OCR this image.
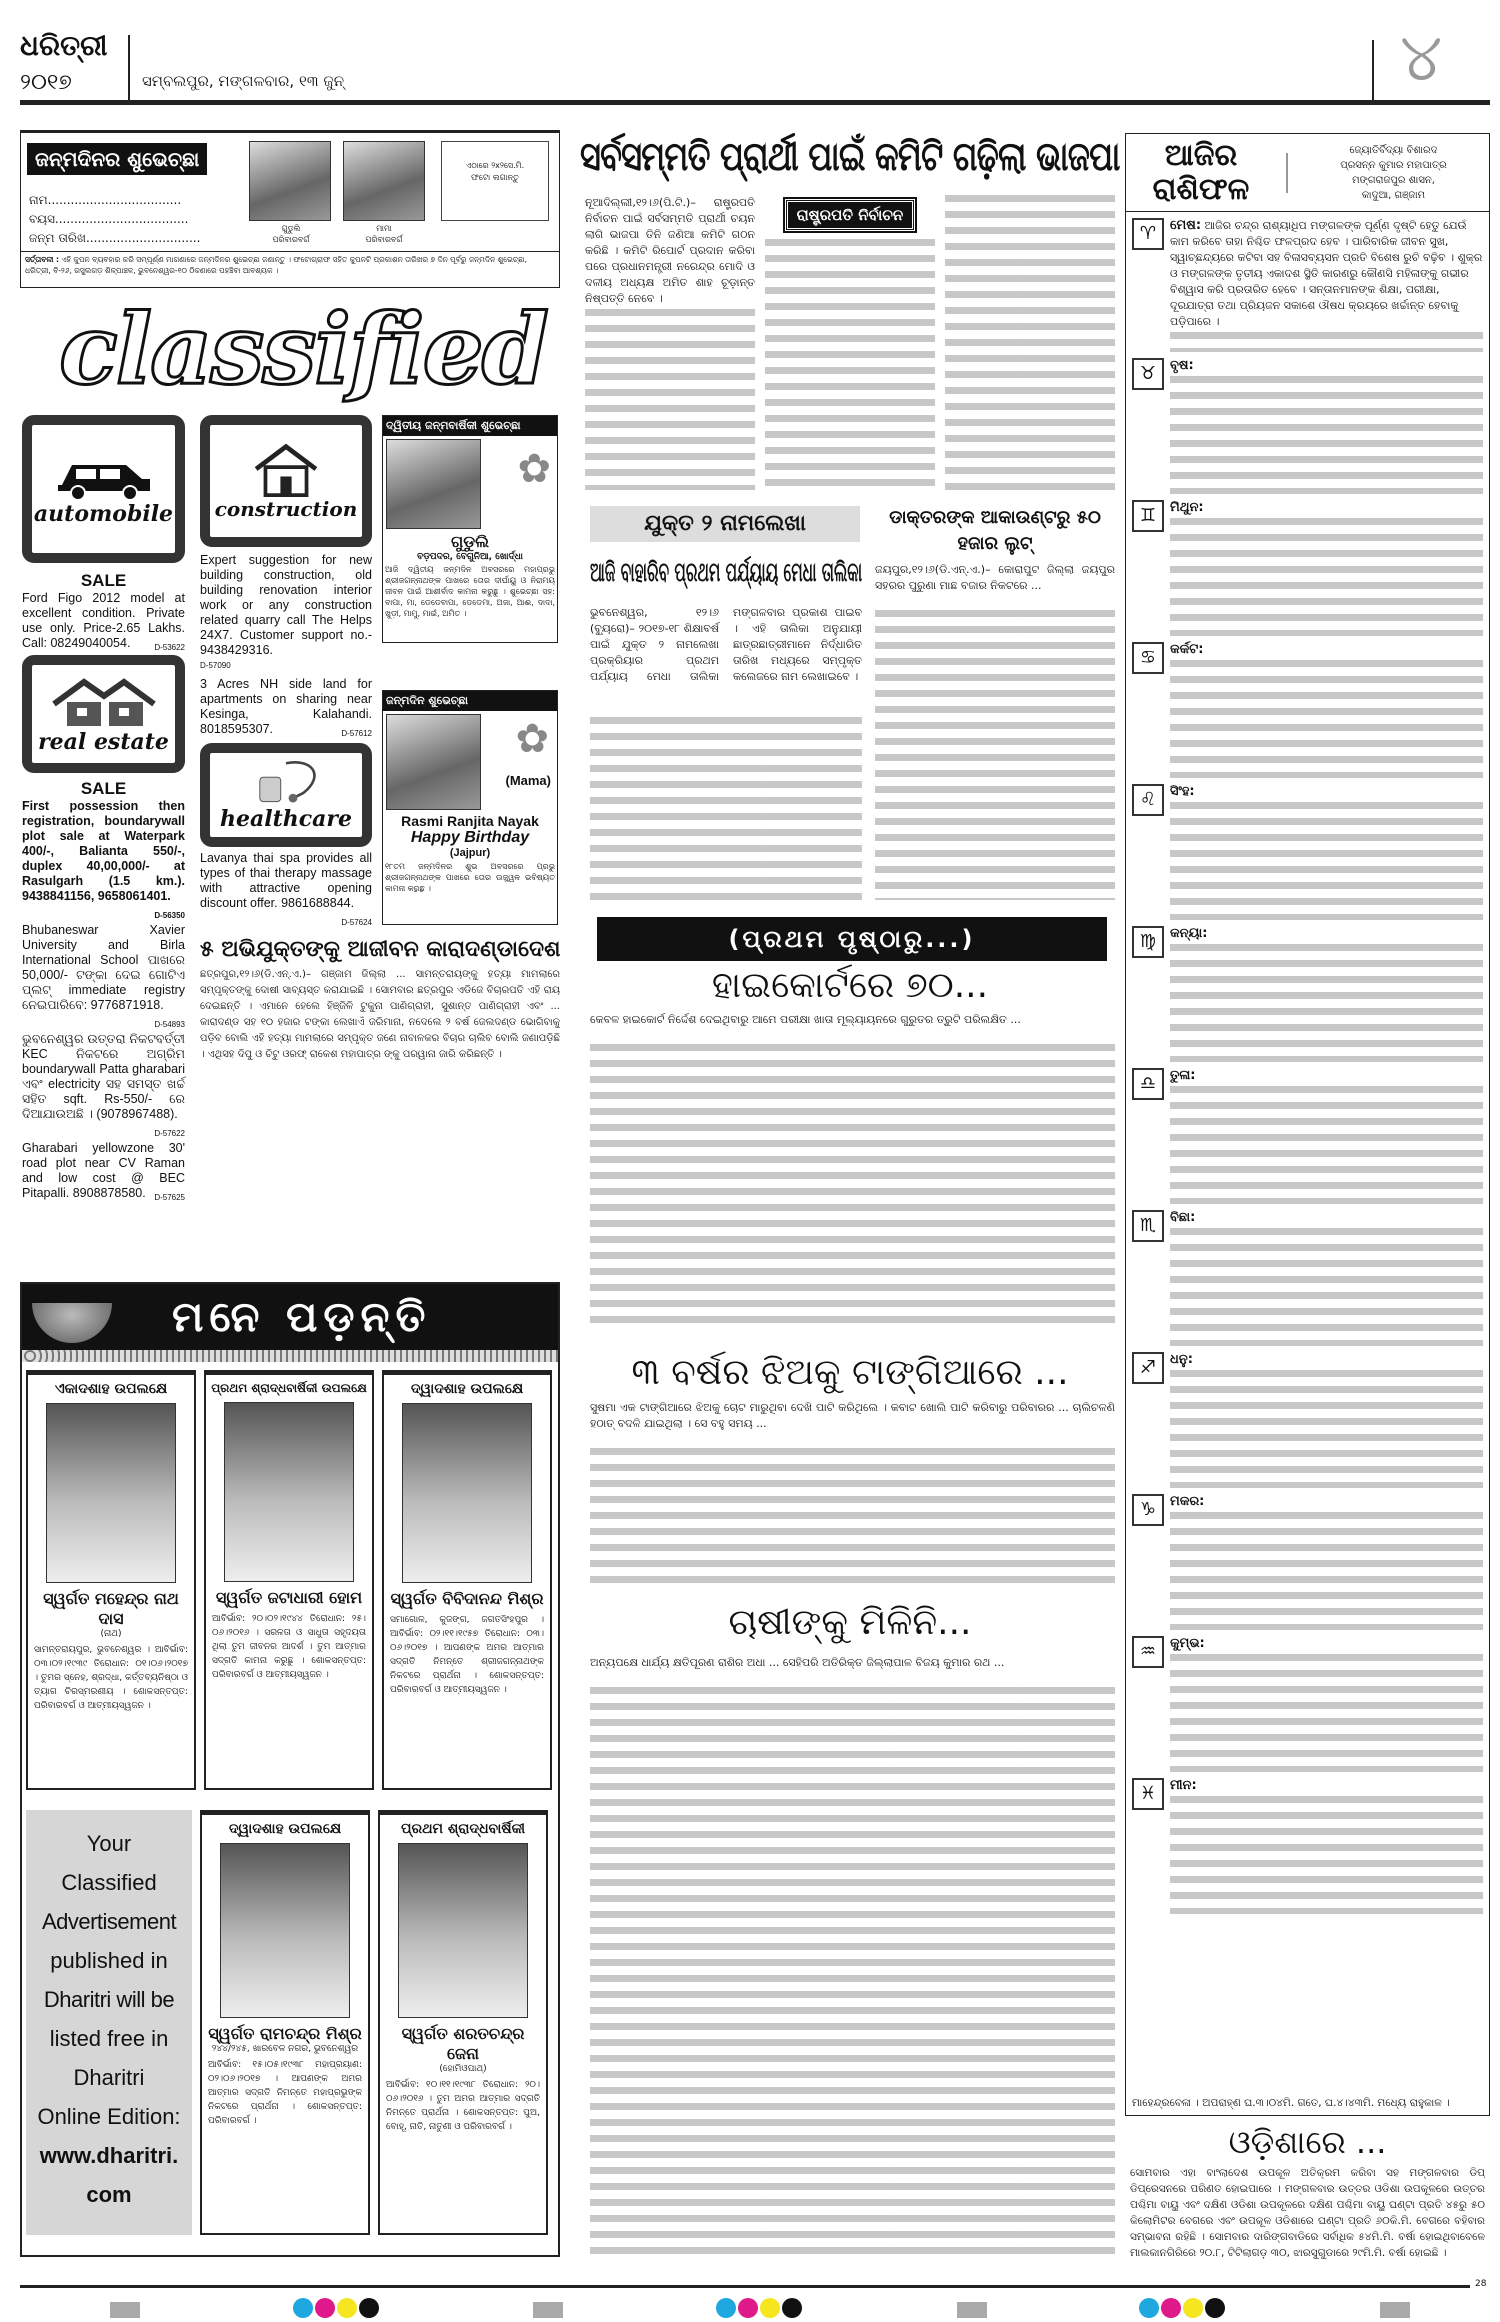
ଧରିତ୍ରୀ
୨୦୧୭	ସମ୍ବଲପୁର, ମଙ୍ଗଳବାର, ୧୩ ଜୁନ୍	୪
ଜନ୍ମଦିନର ଶୁଭେଚ୍ଛା
ନାମ...................................
ବୟସ...................................
ଜନ୍ମ ତାରିଖ..............................
ଗୁଡୁଲି
ପରିବାରବର୍ଗ
ମାମା
ପରିବାରବର୍ଗ
ଏଠାରେ ୨x୨ସେ.ମି. ଫଟୋ ଲଗାନ୍ତୁ
ସର୍ତ୍ତାବଳୀ : ଏହି କୁପନ ବ୍ୟବହାର କରି ସମ୍ପୂର୍ଣ୍ଣ ମାଗଣାରେ ଜନ୍ମଦିନର ଶୁଭେଚ୍ଛା ଜଣାନ୍ତୁ । ଫଟୋଗ୍ରାଫ ସହିତ କୁପନଟି ପ୍ରକାଶନ ତାରିଖର ୭ ଦିନ ପୂର୍ବରୁ ଜନ୍ମଦିନ ଶୁଭେଚ୍ଛା, ଧରିତ୍ରୀ, ବି-୨୬, ରସୁଲଗଡ଼ ଶିଳ୍ପାଞ୍ଚଳ, ଭୁବନେଶ୍ୱର-୧୦ ଠିକଣାରେ ପହଞ୍ଚିବା ଆବଶ୍ୟକ ।
classified
automobile
SALE
Ford Figo 2012 model at excellent condition. Private use only. Price-2.65 Lakhs. Call: 08249040054.	D-53622
real estate
SALE
First possession then registration, boundarywall plot sale at Waterpark 400/-, Balianta 550/-, duplex 40,00,000/- at Rasulgarh (1.5 km.). 9438841156, 9658061401.
D-56350
Bhubaneswar Xavier University and Birla International School ପାଖରେ 50,000/- ଟଙ୍କା ଦେଇ ଗୋଟିଏ ପ୍ଲଟ୍ immediate registry ନେଇପାରିବେ: 9776871918.
D-54893
ଭୁବନେଶ୍ୱର ଉତ୍ତରା ନିକଟବର୍ତ୍ତୀ KEC ନିକଟରେ ଅଗ୍ରିମ boundarywall Patta gharabari ଏବଂ electricity ସହ ସମସ୍ତ ଖର୍ଚ୍ଚ ସହିତ sqft. Rs-550/- ରେ ଦିଆଯାଉଅଛି । (9078967488).
D-57622
Gharabari yellowzone 30' road plot near CV Raman and low cost @ BEC Pitapalli. 8908878580. D-57625
construction
Expert suggestion for new building construction, old building renovation interior work or any construction related quarry call The Helps 24X7. Customer support no.- 9438429316.
D-57090
3 Acres NH side land for apartments on sharing near Kesinga, Kalahandi. 8018595307.	D-57612
healthcare
Lavanya thai spa provides all types of thai therapy massage with attractive opening discount offer. 9861688844.
D-57624
ଦ୍ୱିତୀୟ ଜନ୍ମବାର୍ଷିକୀ ଶୁଭେଚ୍ଛା
✿
ଗୁଡୁଲି
ବଡ଼ପଦର, ବେଗୁନିଆ, ଖୋର୍ଦ୍ଧା
ଆଜି ଦ୍ୱିତୀୟ ଜନ୍ମଦିନ ଅବସରରେ ମହାପ୍ରଭୁ ଶ୍ରୀଜଗନ୍ନାଥଙ୍କ ପାଖରେ ତୋର ଦୀର୍ଘାୟୁ ଓ ନିରାମୟ ଜୀବନ ପାଇଁ ଆଶୀର୍ବାଦ କାମନା କରୁଛୁ । ଶୁଭେଚ୍ଛା ସହ: ବାପା, ମା, ଡେଡେବାପା, ଡେଡେମା, ଅଜା, ଆଈ, ଦାଦା, ଖୁଡ଼ୀ, ମାମୁ, ମାଇଁ, ଅମିତ ।
ଜନ୍ମଦିନ ଶୁଭେଚ୍ଛା
✿
(Mama)
Rasmi Ranjita Nayak
Happy Birthday
(Jajpur)
୧୮ତମ ଜନ୍ମଦିନର ଶୁଭ ଅବସରରେ ପ୍ରଭୁ ଶ୍ରୀଜଗନ୍ନାଥଙ୍କ ପାଖରେ ତୋର ଉଜ୍ଜ୍ୱଳ ଭବିଷ୍ୟତ କାମନା କରୁଛୁ ।
୫ ଅଭିଯୁକ୍ତଙ୍କୁ ଆଜୀବନ କାରାଦଣ୍ଡାଦେଶ
ଛତ୍ରପୁର,୧୨।୬(ଡି.ଏନ୍.ଏ.)– ଗଞ୍ଜାମ ଜିଲ୍ଲା ... ସାମନ୍ତରାୟଙ୍କୁ ହତ୍ୟା ମାମଲାରେ ସମ୍ପୃକ୍ତଙ୍କୁ ଦୋଷୀ ସାବ୍ୟସ୍ତ କରାଯାଇଛି । ସୋମବାର ଛତ୍ରପୁର ଏଡିଜେ ବିଚାରପତି ଏହି ରାୟ ଦେଇଛନ୍ତି । ଏମାନେ ହେଲେ ହିଞ୍ଜିଳି ଟୁକୁନା ପାଣିଗ୍ରାହୀ, ସୁଶାନ୍ତ ପାଣିଗ୍ରାହୀ ଏବଂ ... କାରାଦଣ୍ଡ ସହ ୧୦ ହଜାର ଟଙ୍କା ଲେଖାଏଁ ଜରିମାନା, ନଦେଲେ ୨ ବର୍ଷ ଜେଲଦଣ୍ଡ ଭୋଗିବାକୁ ପଡ଼ିବ ବୋଲି ଏହି ହତ୍ୟା ମାମଲାରେ ସମ୍ପୃକ୍ତ ଜଣେ ନାବାଳକର ବିଚାର ଚାଲିବ ବୋଲି ଜଣାପଡ଼ିଛି । ଏଥିସହ ଦିପୁ ଓ ଚିଟୁ ଓରଫ୍ ରାକେଶ ମହାପାତ୍ର ଙ୍କୁ ପରୱାନା ଜାରି କରିଛନ୍ତି ।
ମନେ ପଡ଼ନ୍ତି
ଏକାଦଶାହ ଉପଲକ୍ଷେ
ସ୍ୱର୍ଗତ ମହେନ୍ଦ୍ର ନାଥ ଦାସ
(ନାଥ)
ସାମନ୍ତରାୟପୁର, ଭୁବନେଶ୍ୱର । ଆବିର୍ଭାବ: ୦୩।୦୨।୧୯୩୯ ତିରୋଧାନ: ୦୧।୦୬।୨୦୧୭ । ତୁମର ସ୍ନେହ, ଶ୍ରଦ୍ଧା, କର୍ତ୍ତବ୍ୟନିଷ୍ଠା ଓ ତ୍ୟାଗ ଚିରସ୍ମରଣୀୟ । ଶୋକସନ୍ତପ୍ତ: ପରିବାରବର୍ଗ ଓ ଆତ୍ମୀୟସ୍ୱଜନ ।
ପ୍ରଥମ ଶ୍ରାଦ୍ଧବାର୍ଷିକୀ ଉପଲକ୍ଷେ
ସ୍ୱର୍ଗତ ଜଟାଧାରୀ ହୋମ
ଆବିର୍ଭାବ: ୨୦।୦୨।୧୯୪୪ ତିରୋଧାନ: ୨୫।୦୬।୨୦୧୬ । ସରଳତା ଓ ସାଧୁତା ସହୃଦୟତା ଥିଲା ତୁମ ଜୀବନର ଆଦର୍ଶ । ତୁମ ଆତ୍ମାର ସଦ୍‌ଗତି କାମନା କରୁଛୁ । ଶୋକସନ୍ତପ୍ତ: ପରିବାରବର୍ଗ ଓ ଆତ୍ମୀୟସ୍ୱଜନ ।
ଦ୍ୱାଦଶାହ ଉପଲକ୍ଷେ
ସ୍ୱର୍ଗତ ବିବିଦାନନ୍ଦ ମିଶ୍ର
ସମାଗୋଳ, କୁଜଙ୍ଗ, ଜଗତସିଂହପୁର । ଆବିର୍ଭାବ: ୦୨।୧୧।୧୯୫୭ ତିରୋଧାନ: ୦୩।୦୬।୨୦୧୭ । ଆପଣଙ୍କ ଅମର ଆତ୍ମାର ସଦ୍‌ଗତି ନିମନ୍ତେ ଶ୍ରୀଜଗନ୍ନାଥଙ୍କ ନିକଟରେ ପ୍ରାର୍ଥନା । ଶୋକସନ୍ତପ୍ତ: ପରିବାରବର୍ଗ ଓ ଆତ୍ମୀୟସ୍ୱଜନ ।
Your
Classified
Advertisement
published in
Dharitri will be
listed free in
Dharitri
Online Edition:
www.dharitri.
com
ଦ୍ୱାଦଶାହ ଉପଲକ୍ଷେ
ସ୍ୱର୍ଗତ ରାମଚନ୍ଦ୍ର ମିଶ୍ର
୨୪୪/୨୪୫, ଖାରବେଳ ନଗର, ଭୁବନେଶ୍ୱର
ଆବିର୍ଭାବ: ୧୫।୦୫।୧୯୩୮ ମହାପ୍ରୟାଣ: ୦୨।୦୬।୨୦୧୭ । ଆପଣଙ୍କ ଅମର ଆତ୍ମାର ସଦ୍‌ଗତି ନିମନ୍ତେ ମହାପ୍ରଭୁଙ୍କ ନିକଟରେ ପ୍ରାର୍ଥନା । ଶୋକସନ୍ତପ୍ତ: ପରିବାରବର୍ଗ ।
ପ୍ରଥମ ଶ୍ରାଦ୍ଧବାର୍ଷିକୀ
ସ୍ୱର୍ଗତ ଶରତଚନ୍ଦ୍ର ଜେନା
(ହୋମିଓପାଥ୍)
ଆବିର୍ଭାବ: ୧୦।୧୧।୧୯୩୮ ତିରୋଧାନ: ୨୦।୦୬।୨୦୧୬ । ତୁମ ଅମର ଆତ୍ମାର ସଦ୍‌ଗତି ନିମନ୍ତେ ପ୍ରାର୍ଥନା । ଶୋକସନ୍ତପ୍ତ: ପୁଅ, ବୋହୂ, ନାତି, ନାତୁଣୀ ଓ ପରିବାରବର୍ଗ ।
ସର୍ବସମ୍ମତି ପ୍ରାର୍ଥୀ ପାଇଁ କମିଟି ଗଢ଼ିଲା ଭାଜପା
ନୂଆଦିଲ୍ଲୀ,୧୨।୬(ପି.ଟି.)– ରାଷ୍ଟ୍ରପତି ନିର୍ବାଚନ ପାଇଁ ସର୍ବସମ୍ମତି ପ୍ରାର୍ଥୀ ଚୟନ ଲାଗି ଭାଜପା ତିନି ଜଣିଆ କମିଟି ଗଠନ କରିଛି । କମିଟି ରିପୋର୍ଟ ପ୍ରଦାନ କରିବା ପରେ ପ୍ରଧାନମନ୍ତ୍ରୀ ନରେନ୍ଦ୍ର ମୋଦି ଓ ଦଳୀୟ ଅଧ୍ୟକ୍ଷ ଅମିତ ଶାହ ଚୂଡ଼ାନ୍ତ ନିଷ୍ପତ୍ତି ନେବେ ।
ରାଷ୍ଟ୍ରପତି ନିର୍ବାଚନ
ଯୁକ୍ତ ୨ ନାମଲେଖା
ଆଜି ବାହାରିବ ପ୍ରଥମ ପର୍ଯ୍ୟାୟ ମେଧା ତାଲିକା
ଭୁବନେଶ୍ୱର, ୧୨।୬ (ବ୍ୟୁରୋ)– ୨୦୧୭-୧୮ ଶିକ୍ଷାବର୍ଷ ପାଇଁ ଯୁକ୍ତ ୨ ନାମଲେଖା ପ୍ରକ୍ରିୟାର ପ୍ରଥମ ପର୍ଯ୍ୟାୟ ମେଧା ତାଲିକା ମଙ୍ଗଳବାର ପ୍ରକାଶ ପାଇବ । ଏହି ତାଲିକା ଅନୁଯାୟୀ ଛାତ୍ରଛାତ୍ରୀମାନେ ନିର୍ଦ୍ଧାରିତ ତାରିଖ ମଧ୍ୟରେ ସମ୍ପୃକ୍ତ କଲେଜରେ ନାମ ଲେଖାଇବେ ।
ଡାକ୍ତରଙ୍କ ଆକାଉଣ୍ଟରୁ ୫୦ ହଜାର ଲୁଟ୍
ଜୟପୁର,୧୨।୬(ଡି.ଏନ୍.ଏ.)– କୋରାପୁଟ ଜିଲ୍ଲା ଜୟପୁର ସହରର ପୁରୁଣା ମାଛ ବଜାର ନିକଟରେ ...
(ପ୍ରଥମ ପୃଷ୍ଠାରୁ...)
ହାଇକୋର୍ଟରେ ୭୦...
କେବଳ ହାଇକୋର୍ଟ ନିର୍ଦ୍ଦେଶ ଦେଇଥିବାରୁ ଆମେ ପରୀକ୍ଷା ଖାତା ମୂଲ୍ୟାୟନରେ ଗୁରୁତର ତ୍ରୁଟି ପରିଲକ୍ଷିତ ...
୩ ବର୍ଷର ଝିଅକୁ ଟାଙ୍ଗିଆରେ ...
ସୁଷମା ଏକ ଟାଙ୍ଗିଆରେ ଝିଅକୁ ଚୋଟ ମାରୁଥିବା ଦେଖି ପାଟି କରିଥିଲେ । କବାଟ ଖୋଲି ପାଟି କରିବାରୁ ପରିବାରର ... ଚାଲିଚଳଣି ହଠାତ୍ ବଦଳି ଯାଇଥିଲା । ସେ ବହୁ ସମୟ ...
ଚାଷୀଙ୍କୁ ମିଳିନି...
ଅନ୍ୟପକ୍ଷେ ଧାର୍ଯ୍ୟ କ୍ଷତିପୂରଣ ରାଶିର ଅଧା ... ସେହିପରି ଅତିରିକ୍ତ ଜିଲ୍ଲାପାଳ ବିଜୟ କୁମାର ରଥ ...
ଆଜିର ରାଶିଫଳ
ଜ୍ୟୋତିର୍ବିଦ୍ୟା ବିଶାରଦ
ପ୍ରସନ୍ନ କୁମାର ମହାପାତ୍ର
ମଙ୍ଗରାଜପୁର ଶାସନ,
କାଦୁଆ, ଗଞ୍ଜାମ
♈	ମେଷ: ଆଜିର ଚନ୍ଦ୍ର ରାଶ୍ୟାଧିପ ମଙ୍ଗଳଙ୍କ ପୂର୍ଣ୍ଣ ଦୃଷ୍ଟି ହେତୁ ଯେଉଁ କାମ କରିବେ ତାହା ନିଶ୍ଚିତ ଫଳପ୍ରଦ ହେବ । ପାରିବାରିକ ଜୀବନ ସୁଖ, ସ୍ୱାଚ୍ଛନ୍ଦ୍ୟରେ କଟିବା ସହ ବିଳାସବ୍ୟସନ ପ୍ରତି ବିଶେଷ ରୁଚି ବଢ଼ିବ । ଶୁକ୍ର ଓ ମଙ୍ଗଳଙ୍କ ତୃତୀୟ ଏକାଦଶ ସ୍ଥିତି କାରଣରୁ କୌଣସି ମହିଳାଙ୍କୁ ଗଭୀର ବିଶ୍ୱାସ କରି ପ୍ରତାରିତ ହେବେ । ସନ୍ତାନମାନଙ୍କ ଶିକ୍ଷା, ପରୀକ୍ଷା, ଦୂରଯାତ୍ରା ତଥା ପ୍ରିୟଜନ ସକାଶେ ଔଷଧ କ୍ରୟରେ ଖର୍ଚ୍ଚାନ୍ତ ହେବାକୁ ପଡ଼ିପାରେ ।
♉	ବୃଷ:
♊	ମିଥୁନ:
♋	କର୍କଟ:
♌	ସିଂହ:
♍	କନ୍ୟା:
♎	ତୁଳା:
♏	ବିଛା:
♐	ଧନୁ:
♑	ମକର:
♒	କୁମ୍ଭ:
♓	ମୀନ:
ମାହେନ୍ଦ୍ରବେଳା । ଅପରାହ୍ଣ ଘ.୩।୦୪ମି. ଗତେ, ଘ.୪।୪୩ମି. ମଧ୍ୟେ ରାହୁକାଳ ।
ଓଡ଼ିଶାରେ ...
ସୋମବାର ଏହା ବାଂଲାଦେଶ ଉପକୂଳ ଅତିକ୍ରମ କରିବା ସହ ମଙ୍ଗଳବାର ଡିପ୍ ଡିପ୍ରେସନରେ ପରିଣତ ହୋଇପାରେ । ମଙ୍ଗଳବାର ଉତ୍ତର ଓଡିଶା ଉପକୂଳରେ ଉତ୍ତର ପଶ୍ଚିମା ବାୟୁ ଏବଂ ଦକ୍ଷିଣ ଓଡିଶା ଉପକୂଳରେ ଦକ୍ଷିଣ ପଶ୍ଚିମା ବାୟୁ ଘଣ୍ଟା ପ୍ରତି ୪୫ରୁ ୫୦ କିଲୋମିଟର ବେଗରେ ଏବଂ ଉପକୂଳ ଓଡିଶାରେ ଘଣ୍ଟା ପ୍ରତି ୬୦କି.ମି. ବେଗରେ ବହିବାର ସମ୍ଭାବନା ରହିଛି । ସୋମବାର ଦାରିଙ୍ଗବାଡିରେ ସର୍ବାଧିକ ୫୪ମି.ମି. ବର୍ଷା ହୋଇଥିବାବେଳେ ମାଲକାନଗିରିରେ ୨୦.୮, ଟିଟିଲାଗଡ଼ ୩୦, ଝାରସୁଗୁଡାରେ ୨୯ମି.ମି. ବର୍ଷା ହୋଇଛି ।
28
